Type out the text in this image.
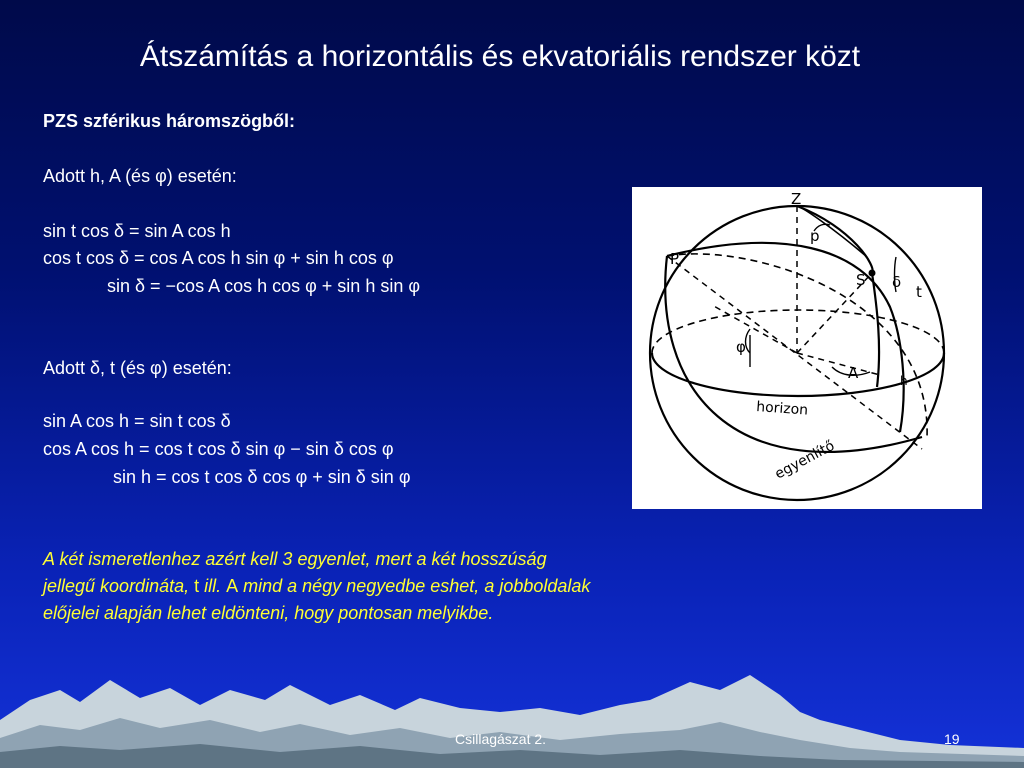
Átszámítás a horizontális és ekvatoriális rendszer közt
PZS szférikus háromszögből:
Adott h, A (és φ) esetén:
sin t cos δ = sin A cos h
cos t cos δ = cos A cos h sin φ + sin h cos φ
sin δ = −cos A cos h cos φ + sin h sin φ
Adott δ, t (és φ) esetén:
sin A cos h = sin t cos δ
cos A cos h = cos t cos δ sin φ − sin δ cos φ
sin h = cos t cos δ cos φ + sin δ sin φ
A két ismeretlenhez azért kell 3 egyenlet, mert a két hosszúság jellegű koordináta, t ill. A mind a négy negyedbe eshet, a jobboldalak előjelei alapján lehet eldönteni, hogy pontosan melyikbe.
Z
P
p
S δ
t
φ
A	h
horizon
egyenlítő
Csillagászat 2.	19
